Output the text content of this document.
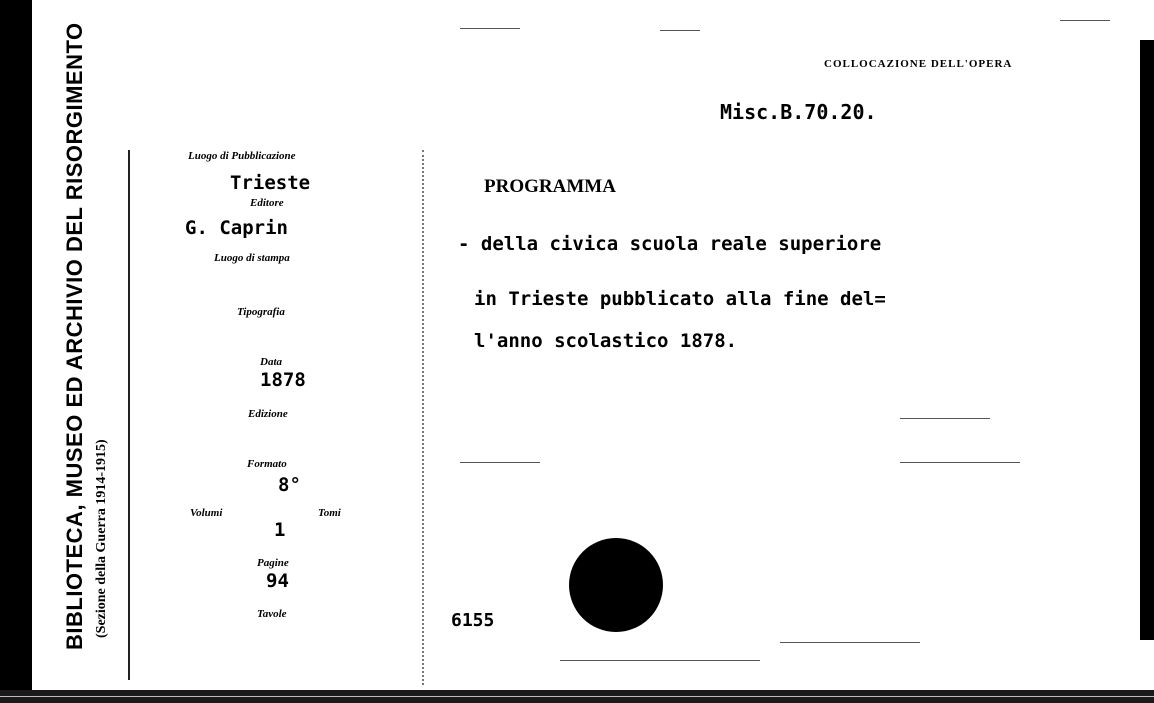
BIBLIOTECA, MUSEO ED ARCHIVIO DEL RISORGIMENTO (Sezione della Guerra 1914-1915)
COLLOCAZIONE DELL'OPERA
Misc.B.70.20.
Luogo di Pubblicazione
Trieste
Editore
G. Caprin
Luogo di stampa
Tipografia
Data
1878
Edizione
Formato
8°
Volumi	Tomi
1
Pagine
94
Tavole
PROGRAMMA
- della civica scuola reale superiore
in Trieste pubblicato alla fine del=
l'anno scolastico 1878.
6155
